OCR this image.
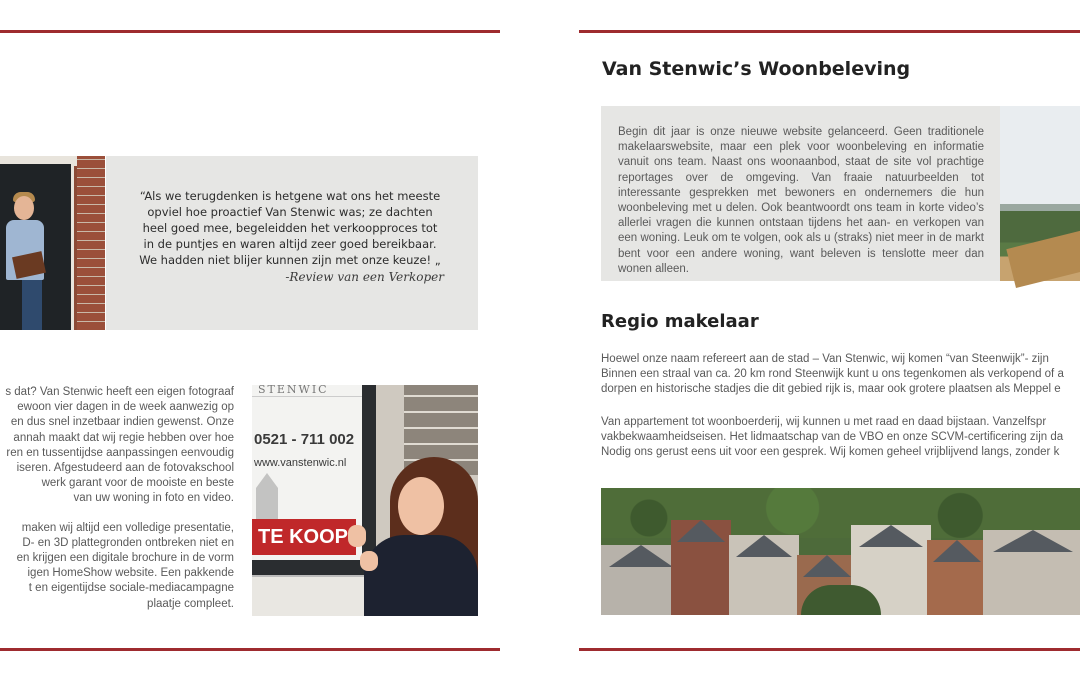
“Als we terugdenken is hetgene wat ons het meeste opviel hoe proactief Van Stenwic was; ze dachten heel goed mee, begeleidden het verkoopproces tot in de puntjes en waren altijd zeer goed bereikbaar. We hadden niet blijer kunnen zijn met onze keuze! „

-Review van een Verkoper

s dat? Van Stenwic heeft een eigen fotograaf

ewoon vier dagen in de week aanwezig op

en dus snel inzetbaar indien gewenst. Onze

annah maakt dat wij regie hebben over hoe

ren en tussentijdse aanpassingen eenvoudig

iseren. Afgestudeerd aan de fotovakschool

werk garant voor de mooiste en beste

van uw woning in foto en video.

maken wij altijd een volledige presentatie,

D- en 3D plattegronden ontbreken niet en

en krijgen een digitale brochure in de vorm

igen HomeShow website. Een pakkende

t en eigentijdse sociale-mediacampagne

plaatje compleet.

STENWIC
0521 - 711 002
www.vanstenwic.nl
TE KOOP
Van Stenwic’s Woonbeleving

Begin dit jaar is onze nieuwe website gelanceerd. Geen traditionele makelaarswebsite, maar een plek voor woonbeleving en informatie vanuit ons team. Naast ons woonaanbod, staat de site vol prachtige reportages over de omgeving. Van fraaie natuurbeelden tot interessante gesprekken met bewoners en ondernemers die hun woonbeleving met u delen. Ook beantwoordt ons team in korte video’s allerlei vragen die kunnen ontstaan tijdens het aan- en verkopen van een woning. Leuk om te volgen, ook als u (straks) niet meer in de markt bent voor een andere woning, want beleven is tenslotte meer dan wonen alleen.

Regio makelaar
Hoewel onze naam refereert aan de stad – Van Stenwic, wij komen “van Steenwijk”- zijn
Binnen een straal van ca. 20 km rond Steenwijk kunt u ons tegenkomen als verkopend of a
dorpen en historische stadjes die dit gebied rijk is, maar ook grotere plaatsen als Meppel e
Van appartement tot woonboerderij, wij kunnen u met raad en daad bijstaan. Vanzelfspr
vakbekwaamheidseisen. Het lidmaatschap van de VBO en onze SCVM-certificering zijn da
Nodig ons gerust eens uit voor een gesprek. Wij komen geheel vrijblijvend langs, zonder k
